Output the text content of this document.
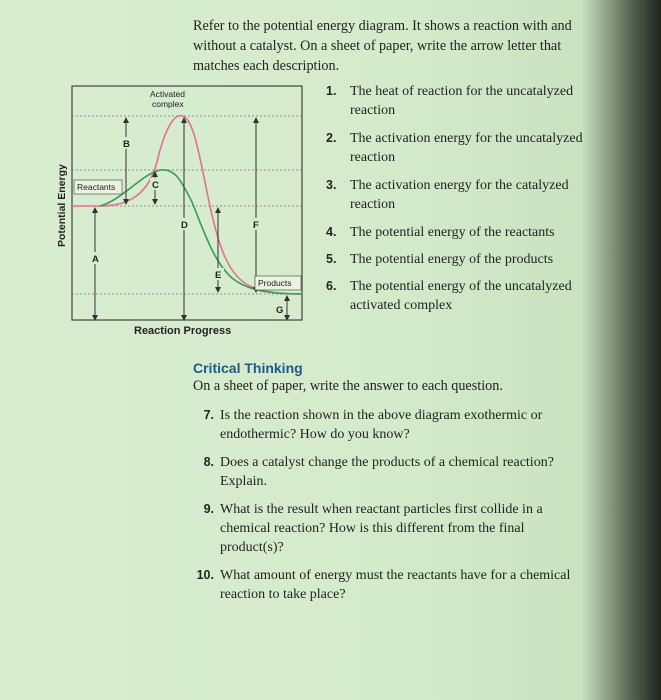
Refer to the potential energy diagram. It shows a reaction with and without a catalyst. On a sheet of paper, write the arrow letter that matches each description.

A
B
C
D
E
F
G
Activated
complex
Reactants
Products
Potential Energy
Reaction Progress
1. The heat of reaction for the uncatalyzed reaction
2. The activation energy for the uncatalyzed reaction
3. The activation energy for the catalyzed reaction
4. The potential energy of the reactants
5. The potential energy of the products
6. The potential energy of the uncatalyzed activated complex
Critical Thinking

On a sheet of paper, write the answer to each question.

7. Is the reaction shown in the above diagram exothermic or endothermic? How do you know?
8. Does a catalyst change the products of a chemical reaction? Explain.
9. What is the result when reactant particles first collide in a chemical reaction? How is this different from the final product(s)?
10. What amount of energy must the reactants have for a chemical reaction to take place?
